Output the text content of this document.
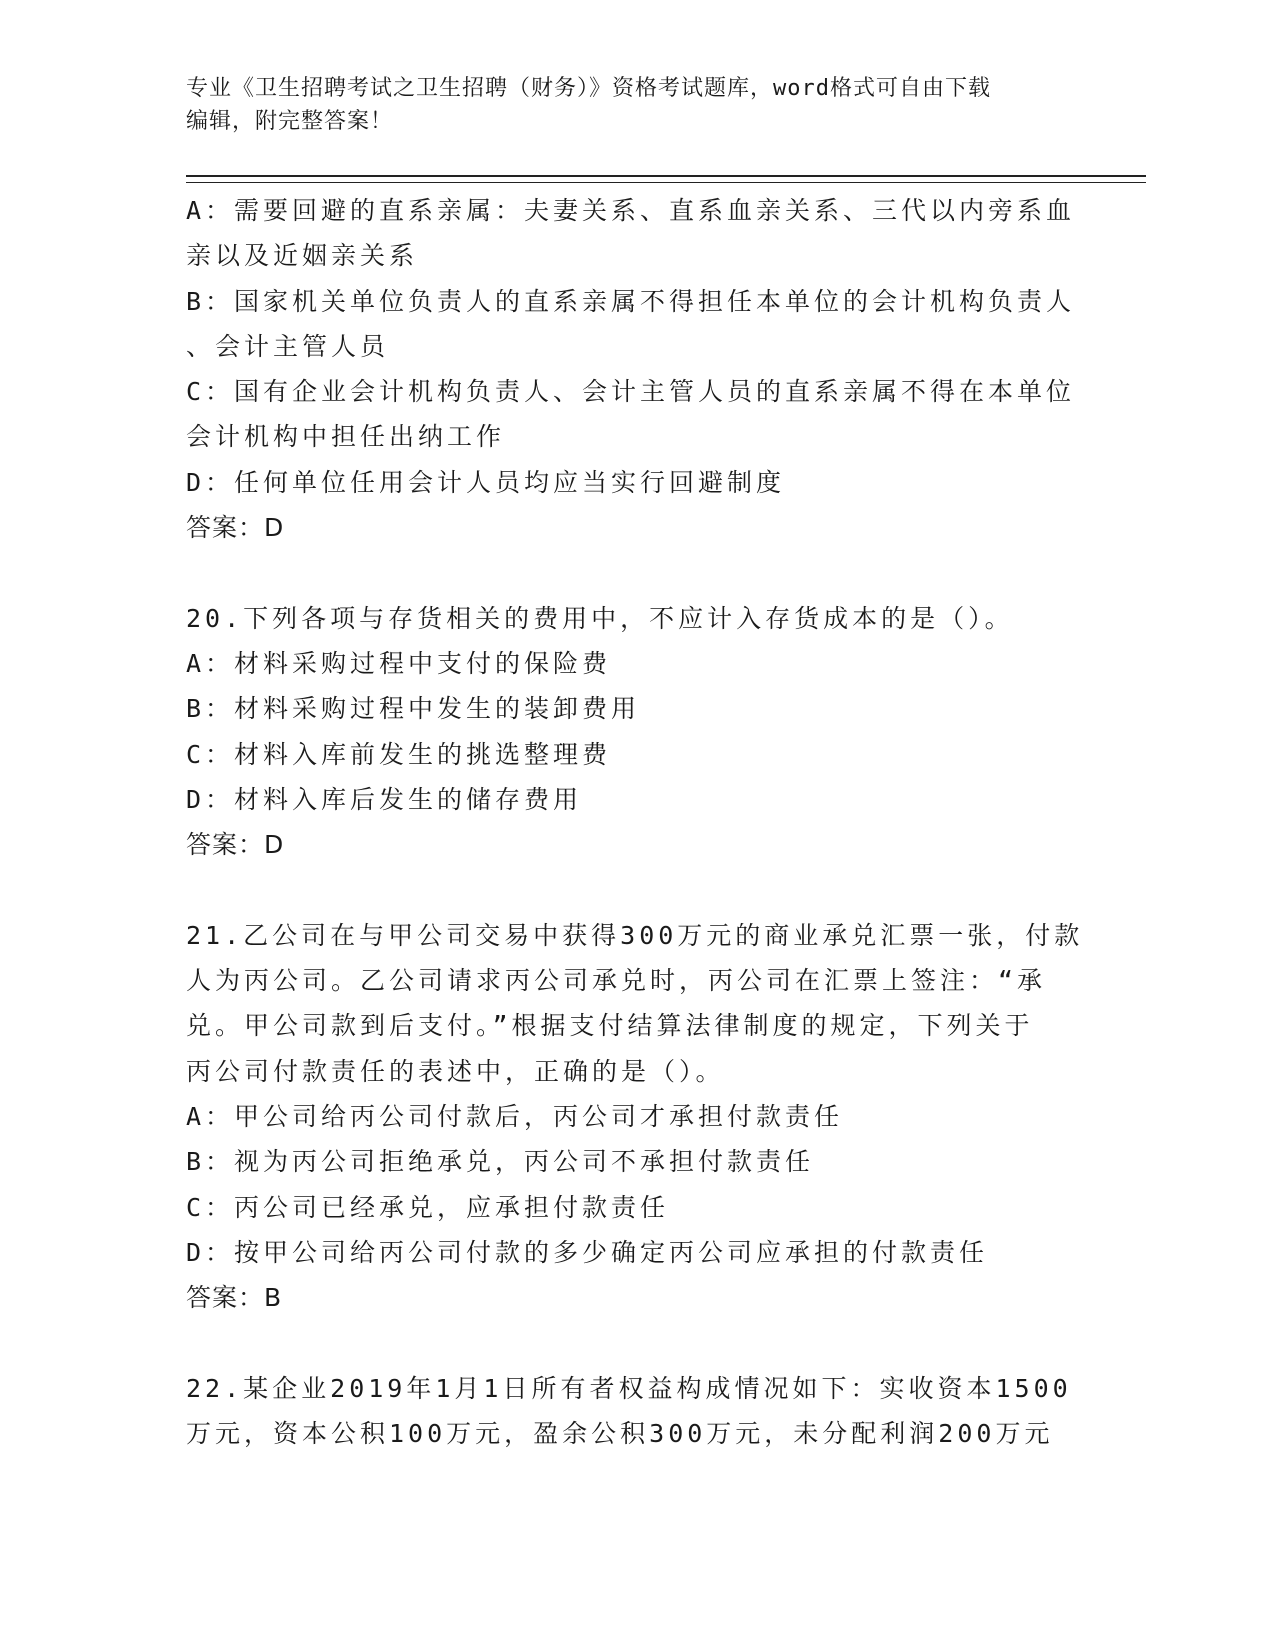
专业《卫生招聘考试之卫生招聘（财务）》资格考试题库，word格式可自由下载
编辑，附完整答案！
A：需要回避的直系亲属：夫妻关系、直系血亲关系、三代以内旁系血
亲以及近姻亲关系
B：国家机关单位负责人的直系亲属不得担任本单位的会计机构负责人
、会计主管人员
C：国有企业会计机构负责人、会计主管人员的直系亲属不得在本单位
会计机构中担任出纳工作
D：任何单位任用会计人员均应当实行回避制度
答案：D
20.下列各项与存货相关的费用中，不应计入存货成本的是（）。
A：材料采购过程中支付的保险费
B：材料采购过程中发生的装卸费用
C：材料入库前发生的挑选整理费
D：材料入库后发生的储存费用
答案：D
21.乙公司在与甲公司交易中获得300万元的商业承兑汇票一张，付款
人为丙公司。乙公司请求丙公司承兑时，丙公司在汇票上签注：“承
兑。甲公司款到后支付。”根据支付结算法律制度的规定，下列关于
丙公司付款责任的表述中，正确的是（）。
A：甲公司给丙公司付款后，丙公司才承担付款责任
B：视为丙公司拒绝承兑，丙公司不承担付款责任
C：丙公司已经承兑，应承担付款责任
D：按甲公司给丙公司付款的多少确定丙公司应承担的付款责任
答案：B
22.某企业2019年1月1日所有者权益构成情况如下：实收资本1500
万元，资本公积100万元，盈余公积300万元，未分配利润200万元
